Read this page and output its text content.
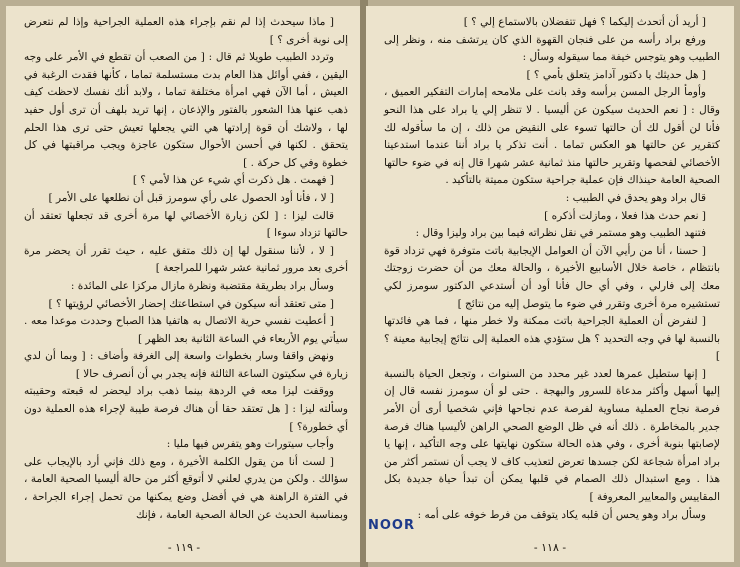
[ ماذا سيحدث إذا لم نقم بإجراء هذه العملية الجراحية وإذا لم نتعرض إلى نوبة أخرى ؟ ]

وتردد الطبيب طويلا ثم قال : [ من الصعب أن تقطع في الأمر على وجه اليقين ، ففي أوائل هذا العام بدت مستسلمة تماما ، كأنها فقدت الرغبة في العيش ، أما الآن فهي امرأة مختلفة تماما ، ولابد أنك نفسك لاحظت كيف ذهب عنها هذا الشعور بالفتور والإذعان ، إنها تريد بلهف أن ترى أول حفيد لها ، ولاشك أن قوة إرادتها هي التي يجعلها تعيش حتى ترى هذا الحلم يتحقق . لكنها في أحسن الأحوال ستكون عاجزة ويجب مراقبتها في كل خطوة وفي كل حركة . ]

[ فهمت . هل ذكرت أي شيء عن هذا لأمي ؟ ]

[ لا ، فأنا أود الحصول على رأي سومرز قبل أن نطلعها على الأمر ]

قالت ليزا : [ لكن زيارة الأخصائي لها مرة أخرى قد تجعلها تعتقد أن حالتها تزداد سوءا ]

[ لا ، لأننا سنقول لها إن ذلك متفق عليه ، حيث تقرر أن يحضر مرة أخرى بعد مرور ثمانية عشر شهرا للمراجعة ]

وسأل براد بطريقة مقتضبة ونظرة مازال مركزا على المائدة :

[ متى تعتقد أنه سيكون في استطاعتك إحضار الأخصائي لرؤيتها ؟ ]

[ أعطيت نفسي حرية الاتصال به هاتفيا هذا الصباح وحددت موعدا معه . سيأتي يوم الأربعاء في الساعة الثانية بعد الظهر ]

ونهض واقفا وسار بخطوات واسعة إلى الغرفة وأضاف : [ وبما أن لدي زيارة في سكيتون الساعة الثالثة فإنه يجدر بي أن أنصرف حالا ]

ووقفت ليزا معه في الردهة بينما ذهب براد ليحضر له قبعته وحقيبته وسألته ليزا : [ هل تعتقد حقا أن هناك فرصة طيبة لإجراء هذه العملية دون أي خطورة؟ ]

وأجاب سيتورات وهو يتفرس فيها مليا :

[ لست أنا من يقول الكلمة الأخيرة ، ومع ذلك فإني أرد بالإيجاب على سؤالك . ولكن من يدري لعلني لا أتوقع أكثر من حالة أليسيا الصحية العامة ، في الفترة الراهنة هي في أفضل وضع يمكنها من تحمل إجراء الجراحة ، وبمناسبة الحديث عن الحالة الصحية العامة ، فإنك

- ١١٩ -

[ أريد أن أتحدث إليكما ؟ فهل تتفضلان بالاستماع إلي ؟ ]

ورفع براد رأسه من على فنجان القهوة الذي كان يرتشف منه ، ونظر إلى الطبيب وهو يتوجس خيفة مما سيقوله وسأل :

[ هل حديثك يا دكتور آدامز يتعلق بأمي ؟ ]

وأومأ الرجل المسن برأسه وقد بانت على ملامحه إمارات التفكير العميق ، وقال : [ نعم الحديث سيكون عن أليسيا . لا تنظر إلي يا براد على هذا النحو فأنا لن أقول لك أن حالتها تسوء على النقيض من ذلك ، إن ما سأقوله لك كتقرير عن حالتها هو العكس تماما . أنت تذكر يا براد أننا عندما استدعينا الأخصائي لفحصها وتقرير حالتها منذ ثمانية عشر شهرا قال إنه في ضوء حالتها الصحية العامة حينذاك فإن عملية جراحية ستكون مميتة بالتأكيد .

قال براد وهو يحدق في الطبيب :

[ نعم حدث هذا فعلا ، ومازلت أذكره ]

فتنهد الطبيب وهو مستمر في نقل نظراته فيما بين براد وليزا وقال :

[ حسنا ، أنا من رأيي الآن أن العوامل الإيجابية باتت متوفرة فهي تزداد قوة بانتظام ، خاصة خلال الأسابيع الأخيرة ، والحالة معك من أن حضرت زوجتك معك إلى فارلي ، وفي أي حال فأنا أود أن أستدعي الدكتور سومرز لكي تستشيره مرة أخرى وتقرر في ضوء ما يتوصل إليه من نتائج ]

[ لنفرض أن العملية الجراحية باتت ممكنة ولا خطر منها ، فما هي فائدتها بالنسبة لها في وجه التحديد ؟ هل ستؤدي هذه العملية إلى نتائج إيجابية معينة ؟ ]

[ إنها ستطيل عمرها لعدد غير محدد من السنوات ، وتجعل الحياة بالنسبة إليها أسهل وأكثر مدعاة للسرور والبهجة . حتى لو أن سومرز نفسه قال إن فرصة نجاح العملية مساوية لفرصة عدم نجاحها فإني شخصيا أرى أن الأمر جدير بالمخاطرة . ذلك أنه في ظل الوضع الصحي الراهن لأليسيا هناك فرصة لإصابتها بنوبة أخرى ، وفي هذه الحالة ستكون نهايتها على وجه التأكيد ، إنها يا براد امرأة شجاعة لكن جسدها تعرض لتعذيب كاف لا يجب أن نستمر أكثر من هذا . ومع استبدال ذلك الصمام في قلبها يمكن أن تبدأ حياة جديدة بكل المقاييس والمعايير المعروفة ]

وسأل براد وهو يحس أن قلبه يكاد يتوقف من فرط خوفه على أمه :

- ١١٨ -
NOOR
